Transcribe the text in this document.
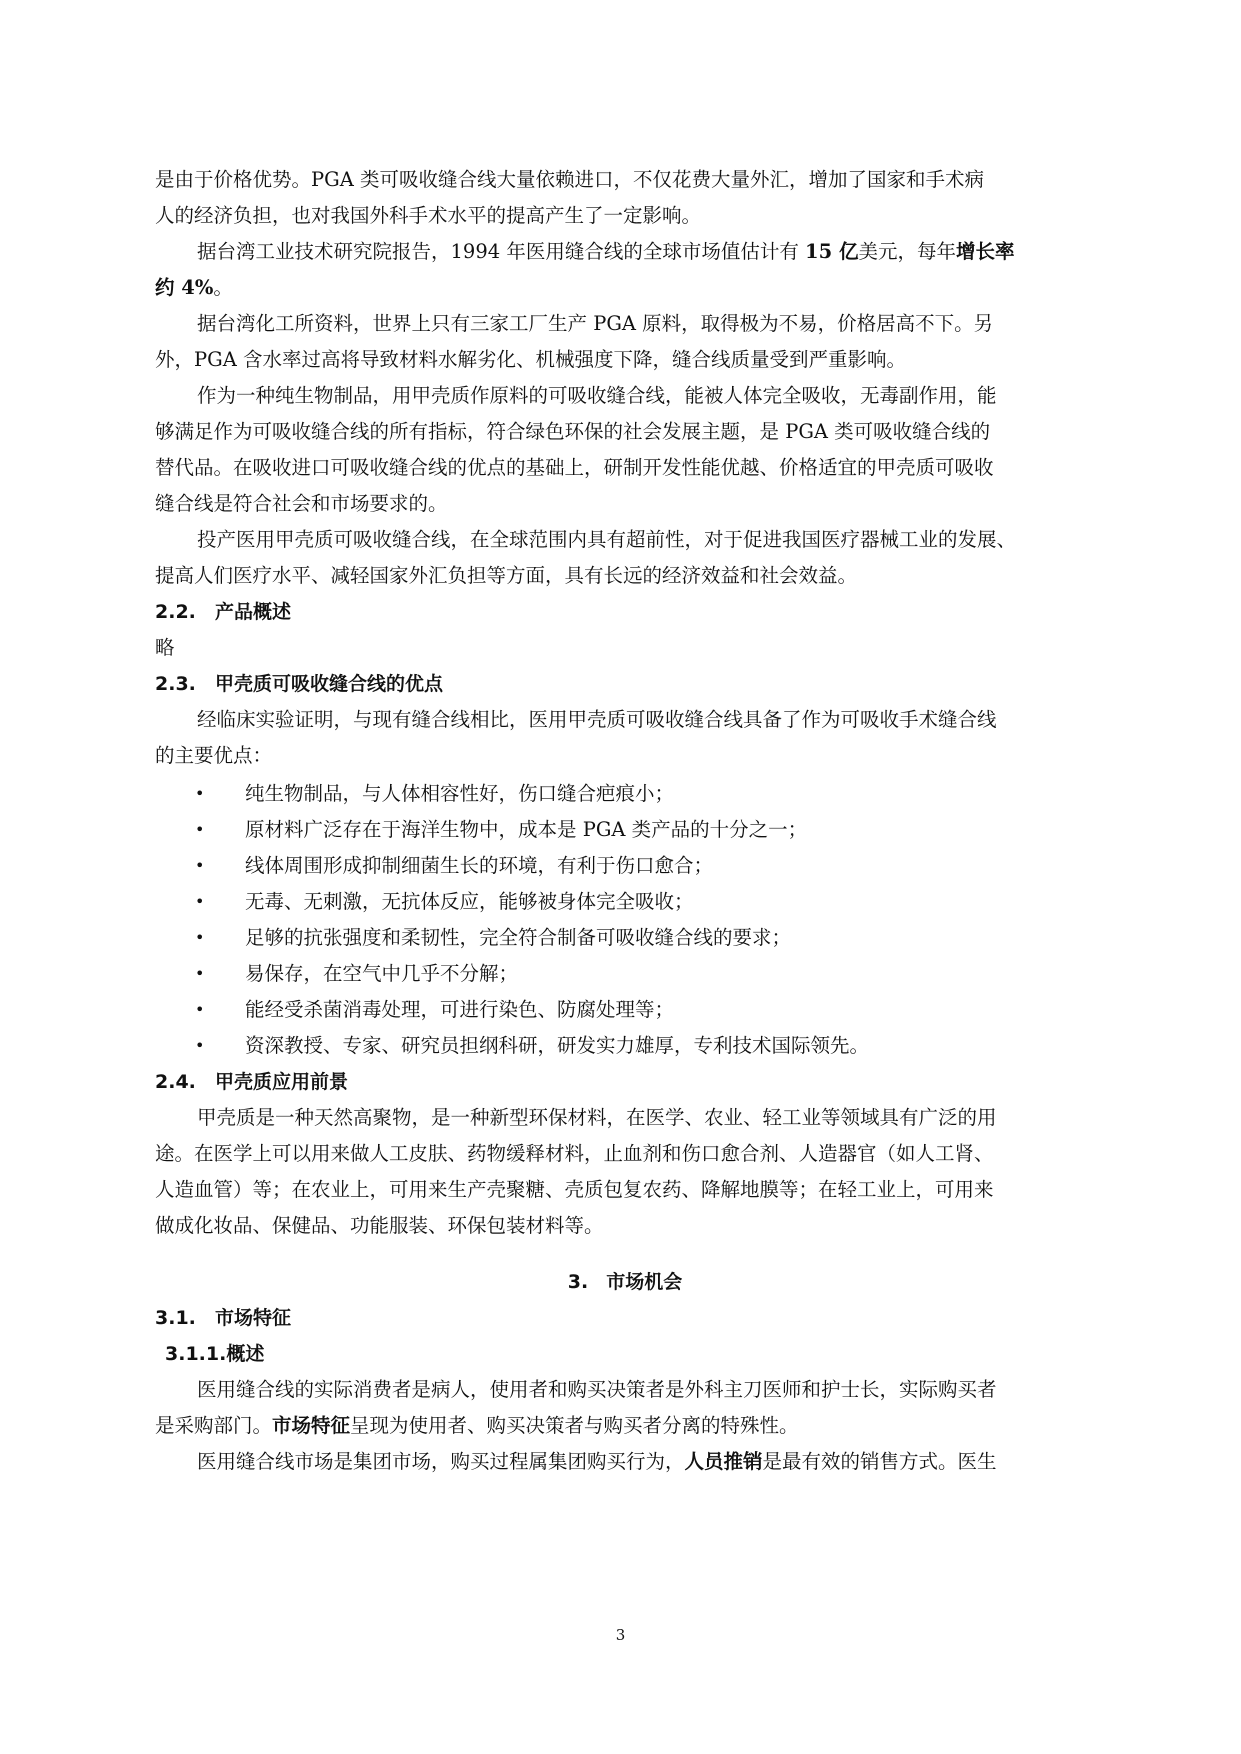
是由于价格优势。PGA 类可吸收缝合线大量依赖进口，不仅花费大量外汇，增加了国家和手术病
人的经济负担，也对我国外科手术水平的提高产生了一定影响。
据台湾工业技术研究院报告，1994 年医用缝合线的全球市场值估计有 15 亿美元，每年增长率
约 4%。
据台湾化工所资料，世界上只有三家工厂生产 PGA 原料，取得极为不易，价格居高不下。另
外，PGA 含水率过高将导致材料水解劣化、机械强度下降，缝合线质量受到严重影响。
作为一种纯生物制品，用甲壳质作原料的可吸收缝合线，能被人体完全吸收，无毒副作用，能
够满足作为可吸收缝合线的所有指标，符合绿色环保的社会发展主题，是 PGA 类可吸收缝合线的
替代品。在吸收进口可吸收缝合线的优点的基础上，研制开发性能优越、价格适宜的甲壳质可吸收
缝合线是符合社会和市场要求的。
投产医用甲壳质可吸收缝合线，在全球范围内具有超前性，对于促进我国医疗器械工业的发展、
提高人们医疗水平、减轻国家外汇负担等方面，具有长远的经济效益和社会效益。
2.2. 产品概述
略
2.3. 甲壳质可吸收缝合线的优点
经临床实验证明，与现有缝合线相比，医用甲壳质可吸收缝合线具备了作为可吸收手术缝合线
的主要优点：
• 纯生物制品，与人体相容性好，伤口缝合疤痕小；
• 原材料广泛存在于海洋生物中，成本是 PGA 类产品的十分之一；
• 线体周围形成抑制细菌生长的环境，有利于伤口愈合；
• 无毒、无刺激，无抗体反应，能够被身体完全吸收；
• 足够的抗张强度和柔韧性，完全符合制备可吸收缝合线的要求；
• 易保存，在空气中几乎不分解；
• 能经受杀菌消毒处理，可进行染色、防腐处理等；
• 资深教授、专家、研究员担纲科研，研发实力雄厚，专利技术国际领先。
2.4. 甲壳质应用前景
甲壳质是一种天然高聚物，是一种新型环保材料，在医学、农业、轻工业等领域具有广泛的用
途。在医学上可以用来做人工皮肤、药物缓释材料，止血剂和伤口愈合剂、人造器官（如人工肾、
人造血管）等；在农业上，可用来生产壳聚糖、壳质包复农药、降解地膜等；在轻工业上，可用来
做成化妆品、保健品、功能服装、环保包装材料等。
3. 市场机会
3.1. 市场特征
3.1.1.概述
医用缝合线的实际消费者是病人，使用者和购买决策者是外科主刀医师和护士长，实际购买者
是采购部门。市场特征呈现为使用者、购买决策者与购买者分离的特殊性。
医用缝合线市场是集团市场，购买过程属集团购买行为，人员推销是最有效的销售方式。医生
3
